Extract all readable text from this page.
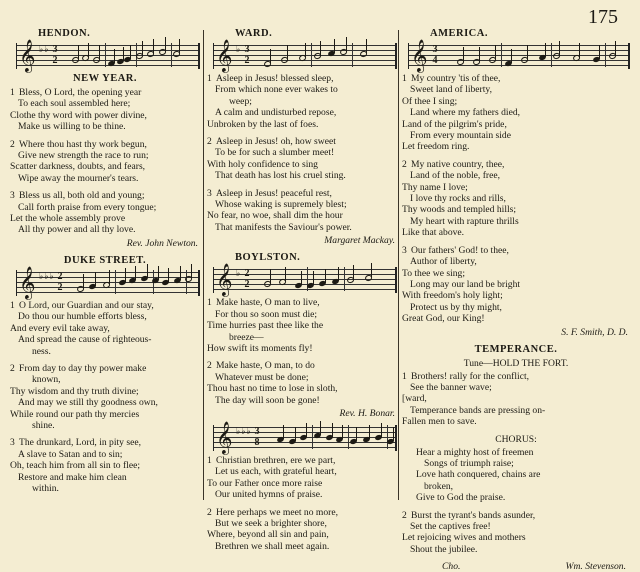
175
HENDON.
𝄞 ♭♭ 3
2
NEW YEAR.
1 Bless, O Lord, the opening year
To each soul assembled here;
Clothe thy word with power divine,
Make us willing to be thine.
2 Where thou hast thy work begun,
Give new strength the race to run;
Scatter darkness, doubts, and fears,
Wipe away the mourner's tears.
3 Bless us all, both old and young;
Call forth praise from every tongue;
Let the whole assembly prove
All thy power and all thy love.
Rev. John Newton.
DUKE STREET.
𝄞 ♭♭♭ 2
2
1 O Lord, our Guardian and our stay,
Do thou our humble efforts bless,
And every evil take away,
And spread the cause of righteous-
ness.
2 From day to day thy power make
known,
Thy wisdom and thy truth divine;
And may we still thy goodness own,
While round our path thy mercies
shine.
3 The drunkard, Lord, in pity see,
A slave to Satan and to sin;
Oh, teach him from all sin to flee;
Restore and make him clean
within.
WARD.
𝄞 ♭ 3
2
1 Asleep in Jesus! blessed sleep,
From which none ever wakes to
weep;
A calm and undisturbed repose,
Unbroken by the last of foes.
2 Asleep in Jesus! oh, how sweet
To be for such a slumber meet!
With holy confidence to sing
That death has lost his cruel sting.
3 Asleep in Jesus! peaceful rest,
Whose waking is supremely blest;
No fear, no woe, shall dim the hour
That manifests the Saviour's power.
Margaret Mackay.
BOYLSTON.
𝄞 ♭ 2
2
1 Make haste, O man to live,
For thou so soon must die;
Time hurries past thee like the
breeze—
How swift its moments fly!
2 Make haste, O man, to do
Whatever must be done;
Thou hast no time to lose in sloth,
The day will soon be gone!
Rev. H. Bonar.
𝄞 ♭♭♭ 3
8
1 Christian brethren, ere we part,
Let us each, with grateful heart,
To our Father once more raise
Our united hymns of praise.
2 Here perhaps we meet no more,
But we seek a brighter shore,
Where, beyond all sin and pain,
Brethren we shall meet again.
AMERICA.
𝄞 3
4
1 My country 'tis of thee,
Sweet land of liberty,
Of thee I sing;
Land where my fathers died,
Land of the pilgrim's pride,
From every mountain side
Let freedom ring.
2 My native country, thee,
Land of the noble, free,
Thy name I love;
I love thy rocks and rills,
Thy woods and templed hills;
My heart with rapture thrills
Like that above.
3 Our fathers' God! to thee,
Author of liberty,
To thee we sing;
Long may our land be bright
With freedom's holy light;
Protect us by thy might,
Great God, our King!
S. F. Smith, D. D.
TEMPERANCE.
Tune—HOLD THE FORT.
1 Brothers! rally for the conflict,
See the banner wave;
[ward,
Temperance bands are pressing on-
Fallen men to save.
CHORUS:
Hear a mighty host of freemen
Songs of triumph raise;
Love hath conquered, chains are
broken,
Give to God the praise.
2 Burst the tyrant's bands asunder,
Set the captives free!
Let rejoicing wives and mothers
Shout the jubilee.
Cho.	Wm. Stevenson.
